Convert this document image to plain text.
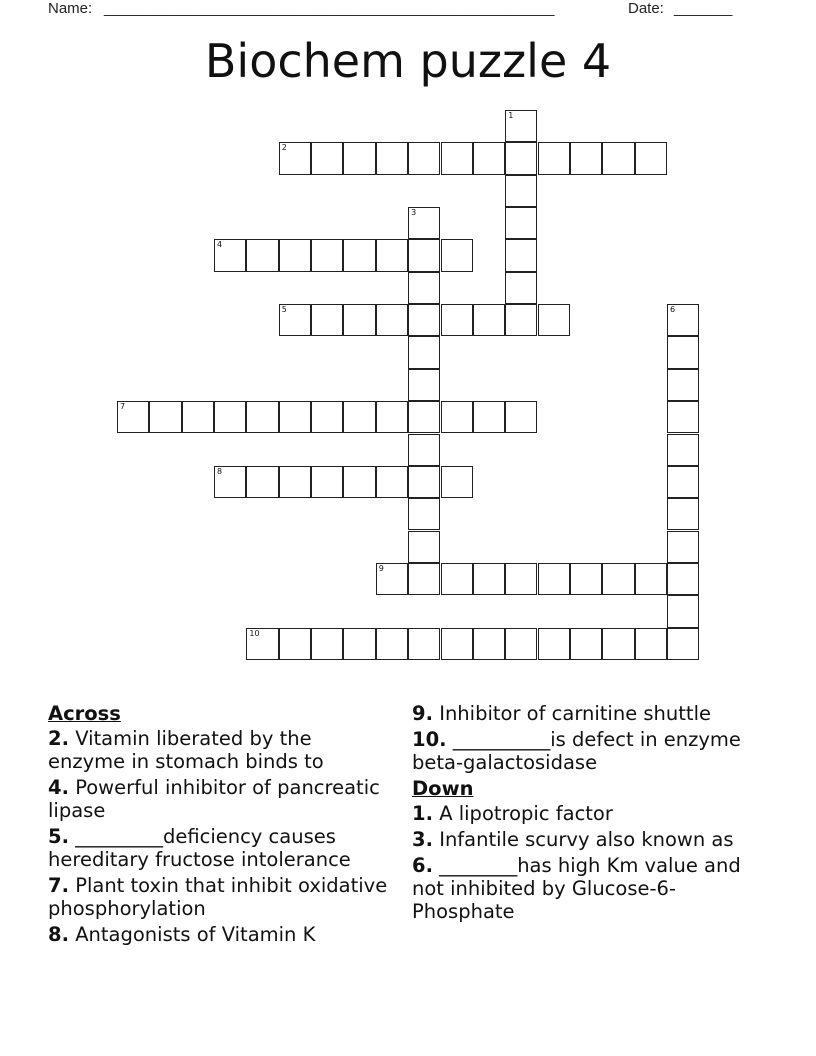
Name: ______________________________________________________	Date: _______
Biochem puzzle 4
1
2
3
4
5	6
7
8
9
10
Across
2. Vitamin liberated by the enzyme in stomach binds to
4. Powerful inhibitor of pancreatic lipase
5. _________deficiency causes hereditary fructose intolerance
7. Plant toxin that inhibit oxidative phosphorylation
8. Antagonists of Vitamin K
9. Inhibitor of carnitine shuttle
10. __________is defect in enzyme beta-galactosidase
Down
1. A lipotropic factor
3. Infantile scurvy also known as
6. ________has high Km value and not inhibited by Glucose-6-Phosphate
